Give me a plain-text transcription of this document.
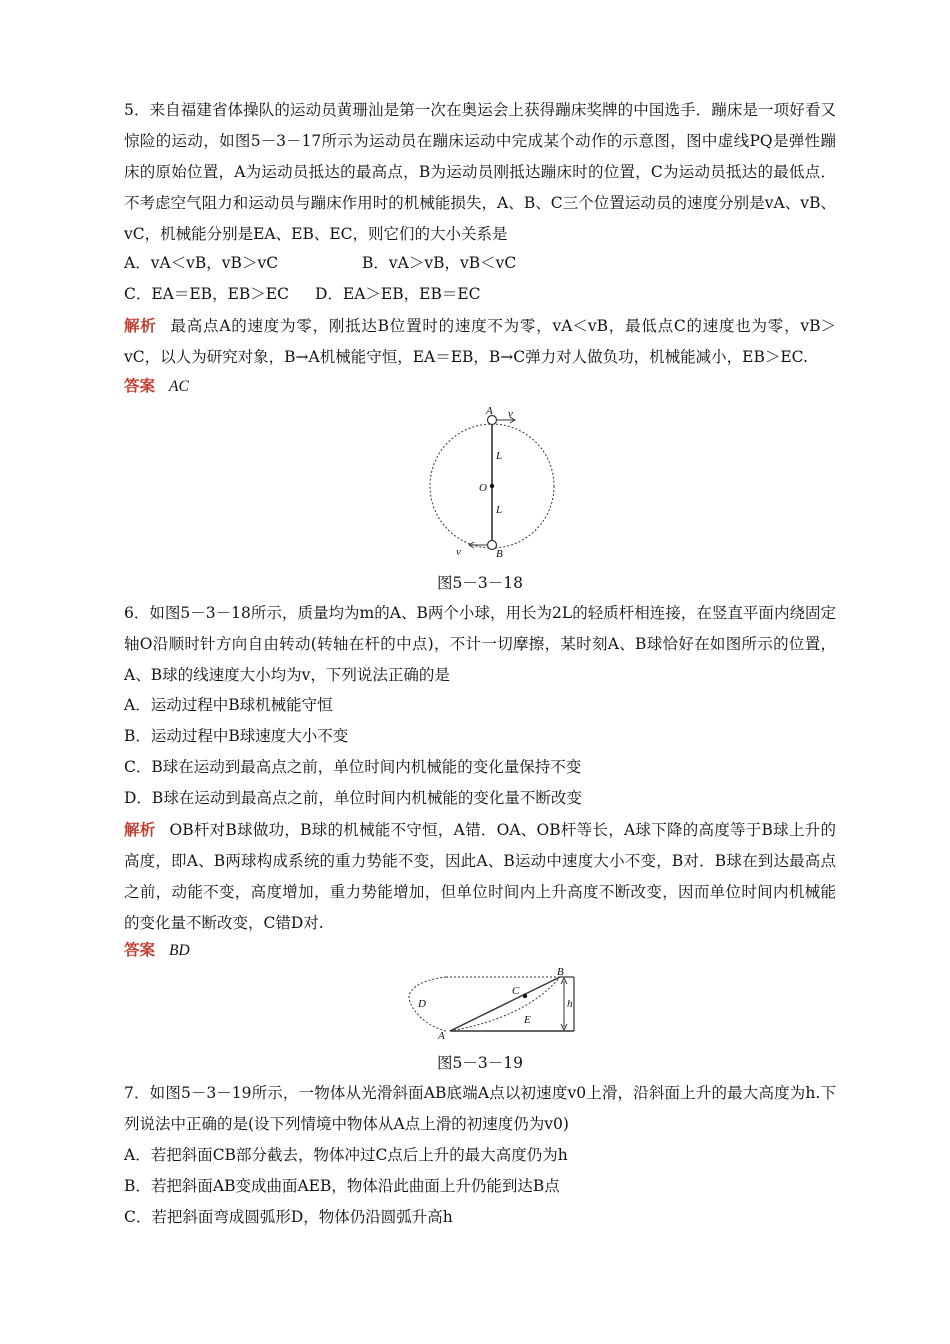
5．来自福建省体操队的运动员黄珊汕是第一次在奥运会上获得蹦床奖牌的中国选手．蹦床是一项好看又惊险的运动，如图5－3－17所示为运动员在蹦床运动中完成某个动作的示意图，图中虚线PQ是弹性蹦床的原始位置，A为运动员抵达的最高点，B为运动员刚抵达蹦床时的位置，C为运动员抵达的最低点．不考虑空气阻力和运动员与蹦床作用时的机械能损失，A、B、C三个位置运动员的速度分别是vA、vB、vC，机械能分别是EA、EB、EC，则它们的大小关系是
A．vA＜vB，vB＞vC	B．vA＞vB，vB＜vC
C．EA＝EB，EB＞EC	D．EA＞EB，EB＝EC
解析 最高点A的速度为零，刚抵达B位置时的速度不为零，vA＜vB，最低点C的速度也为零，vB＞vC，以人为研究对象，B→A机械能守恒，EA＝EB，B→C弹力对人做负功，机械能减小，EB＞EC.
答案 AC
A v
L
O
L
v	B
图5－3－18
6．如图5－3－18所示，质量均为m的A、B两个小球，用长为2L的轻质杆相连接，在竖直平面内绕固定轴O沿顺时针方向自由转动(转轴在杆的中点)，不计一切摩擦，某时刻A、B球恰好在如图所示的位置，A、B球的线速度大小均为v，下列说法正确的是
A．运动过程中B球机械能守恒
B．运动过程中B球速度大小不变
C．B球在运动到最高点之前，单位时间内机械能的变化量保持不变
D．B球在运动到最高点之前，单位时间内机械能的变化量不断改变
解析 OB杆对B球做功，B球的机械能不守恒，A错．OA、OB杆等长，A球下降的高度等于B球上升的高度，即A、B两球构成系统的重力势能不变，因此A、B运动中速度大小不变，B对．B球在到达最高点之前，动能不变，高度增加，重力势能增加，但单位时间内上升高度不断改变，因而单位时间内机械能的变化量不断改变，C错D对.
答案 BD
D
A
C
E
B
h
图5－3－19
7．如图5－3－19所示，一物体从光滑斜面AB底端A点以初速度v0上滑，沿斜面上升的最大高度为h.下列说法中正确的是(设下列情境中物体从A点上滑的初速度仍为v0)
A．若把斜面CB部分截去，物体冲过C点后上升的最大高度仍为h
B．若把斜面AB变成曲面AEB，物体沿此曲面上升仍能到达B点
C．若把斜面弯成圆弧形D，物体仍沿圆弧升高h
